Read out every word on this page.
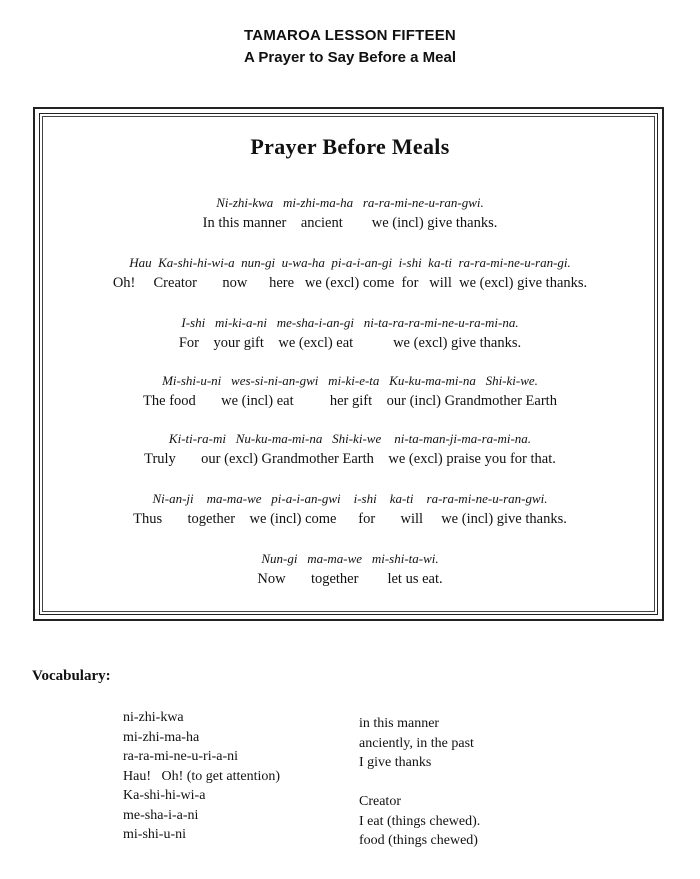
TAMAROA LESSON FIFTEEN
A Prayer to Say Before a Meal
Prayer Before Meals
Ni-zhi-kwa   mi-zhi-ma-ha   ra-ra-mi-ne-u-ran-gwi.
In this manner    ancient        we (incl) give thanks.
Hau  Ka-shi-hi-wi-a  nun-gi  u-wa-ha  pi-a-i-an-gi  i-shi  ka-ti  ra-ra-mi-ne-u-ran-gi.
Oh!     Creator       now      here   we (excl) come  for   will  we (excl) give thanks.
I-shi   mi-ki-a-ni   me-sha-i-an-gi   ni-ta-ra-ra-mi-ne-u-ra-mi-na.
For    your gift    we (excl) eat           we (excl) give thanks.
Mi-shi-u-ni   wes-si-ni-an-gwi   mi-ki-e-ta   Ku-ku-ma-mi-na   Shi-ki-we.
The food       we (incl) eat          her gift    our (incl) Grandmother Earth
Ki-ti-ra-mi   Nu-ku-ma-mi-na   Shi-ki-we    ni-ta-man-ji-ma-ra-mi-na.
Truly       our (excl) Grandmother Earth    we (excl) praise you for that.
Ni-an-ji    ma-ma-we   pi-a-i-an-gwi    i-shi    ka-ti    ra-ra-mi-ne-u-ran-gwi.
Thus       together    we (incl) come      for       will     we (incl) give thanks.
Nun-gi   ma-ma-we   mi-shi-ta-wi.
Now       together        let us eat.
Vocabulary:
ni-zhi-kwa
mi-zhi-ma-ha
ra-ra-mi-ne-u-ri-a-ni
Hau!   Oh! (to get attention)
Ka-shi-hi-wi-a
me-sha-i-a-ni
mi-shi-u-ni
in this manner
anciently, in the past
I give thanks

Creator
I eat (things chewed).
food (things chewed)
